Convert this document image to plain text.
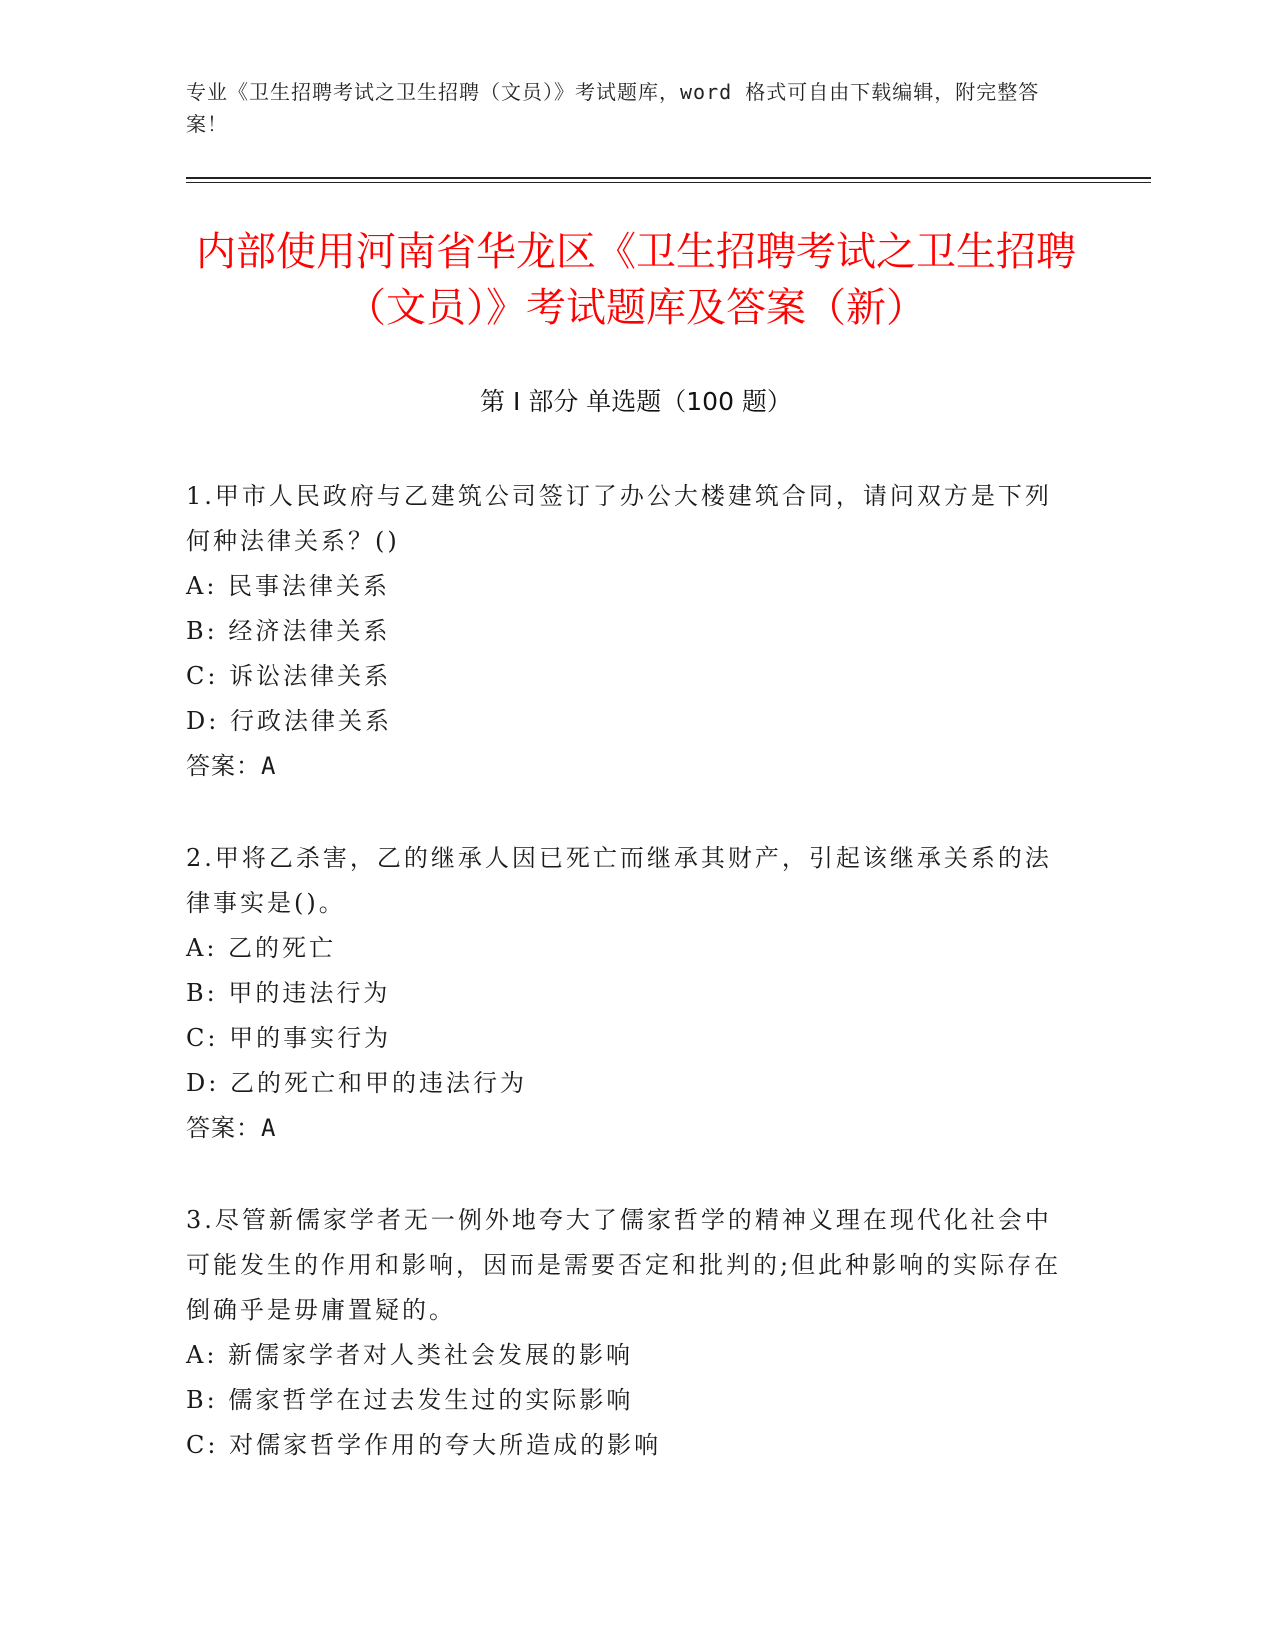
专业《卫生招聘考试之卫生招聘（文员）》考试题库，word 格式可自由下载编辑，附完整答案！
内部使用河南省华龙区《卫生招聘考试之卫生招聘（文员）》考试题库及答案（新）
第 I 部分 单选题（100 题）

1.甲市人民政府与乙建筑公司签订了办公大楼建筑合同，请问双方是下列何种法律关系？()

A: 民事法律关系

B: 经济法律关系

C: 诉讼法律关系

D: 行政法律关系

答案：A

2.甲将乙杀害，乙的继承人因已死亡而继承其财产，引起该继承关系的法律事实是()。

A: 乙的死亡

B: 甲的违法行为

C: 甲的事实行为

D: 乙的死亡和甲的违法行为

答案：A

3.尽管新儒家学者无一例外地夸大了儒家哲学的精神义理在现代化社会中可能发生的作用和影响，因而是需要否定和批判的;但此种影响的实际存在倒确乎是毋庸置疑的。

A: 新儒家学者对人类社会发展的影响

B: 儒家哲学在过去发生过的实际影响

C: 对儒家哲学作用的夸大所造成的影响
